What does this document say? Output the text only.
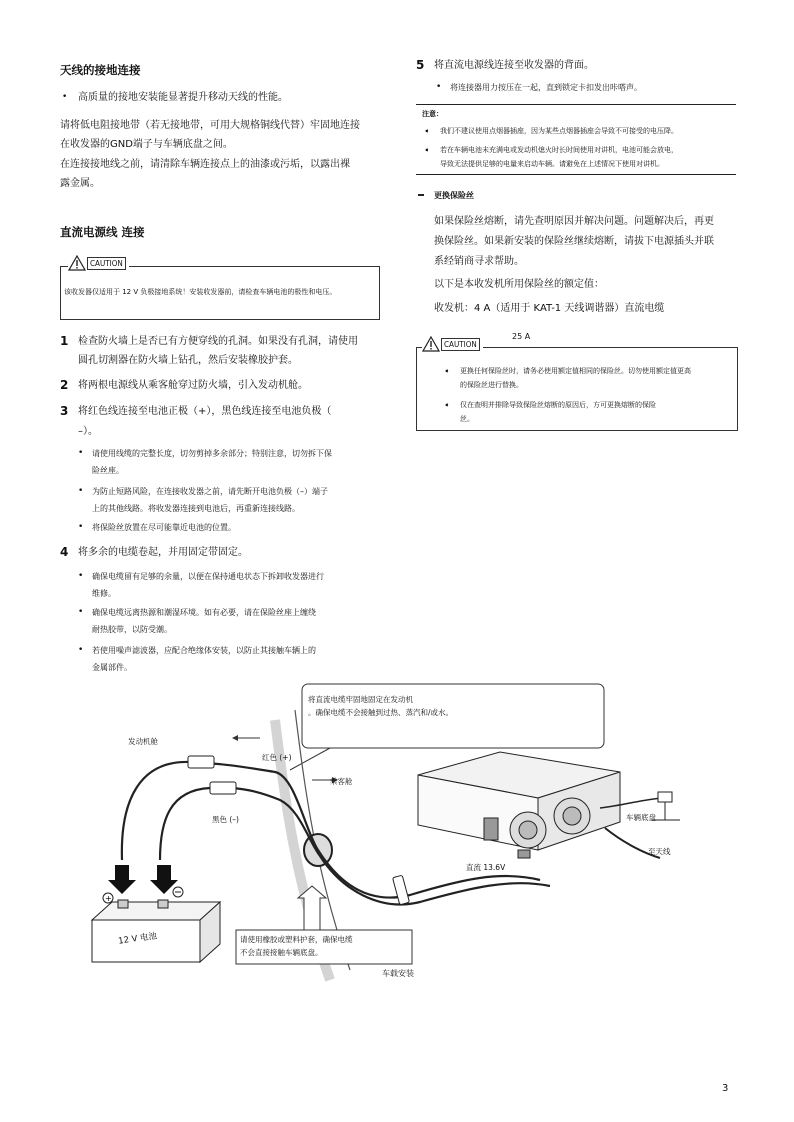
天线的接地连接
• 高质量的接地安装能显著提升移动天线的性能。
请将低电阻接地带（若无接地带，可用大规格铜线代替）牢固地连接
在收发器的GND端子与车辆底盘之间。
在连接接地线之前，请清除车辆连接点上的油漆或污垢，以露出裸
露金属。
直流电源线 连接
CAUTION
该收发器仅适用于 12 V 负极接地系统！安装收发器前，请检查车辆电池的极性和电压。
1 检查防火墙上是否已有方便穿线的孔洞。如果没有孔洞，请使用
圆孔切割器在防火墙上钻孔，然后安装橡胶护套。
2 将两根电源线从乘客舱穿过防火墙，引入发动机舱。
3 将红色线连接至电池正极（+），黑色线连接至电池负极（
–）。
• 请使用线缆的完整长度，切勿剪掉多余部分；特别注意，切勿拆下保
险丝座。
• 为防止短路风险，在连接收发器之前，请先断开电池负极（–）端子
上的其他线路。将收发器连接到电池后，再重新连接线路。
• 将保险丝放置在尽可能靠近电池的位置。
4 将多余的电缆卷起，并用固定带固定。
• 确保电缆留有足够的余量，以便在保持通电状态下拆卸收发器进行
维修。
• 确保电缆远离热源和潮湿环境。如有必要，请在保险丝座上缠绕
耐热胶带，以防受潮。
• 若使用噪声滤波器，应配合绝缘体安装，以防止其接触车辆上的
金属部件。
5 将直流电源线连接至收发器的背面。
• 将连接器用力按压在一起，直到锁定卡扣发出咔嗒声。
注意：
➧ 我们不建议使用点烟器插座，因为某些点烟器插座会导致不可接受的电压降。
➧ 若在车辆电池未充满电或发动机熄火时长时间使用对讲机，电池可能会放电，
导致无法提供足够的电量来启动车辆。请避免在上述情况下使用对讲机。
更换保险丝
如果保险丝熔断，请先查明原因并解决问题。问题解决后，再更
换保险丝。如果新安装的保险丝继续熔断，请拔下电源插头并联
系经销商寻求帮助。
以下是本收发机所用保险丝的额定值：
收发机：4 A（适用于 KAT-1 天线调谐器）直流电缆
25 A
CAUTION
➧ 更换任何保险丝时，请务必使用额定值相同的保险丝。切勿使用额定值更高
的保险丝进行替换。
➧ 仅在查明并排除导致保险丝熔断的原因后，方可更换熔断的保险
丝。
+
将直流电缆牢固地固定在发动机
。确保电缆不会接触到过热、蒸汽和/或水。
发动机舱
红色 (+)
乘客舱
黑色 (–)
直流 13.6V
车辆底盘
至天线
12 V 电池	请使用橡胶或塑料护套，确保电缆
不会直接接触车辆底盘。
车载安装
3
